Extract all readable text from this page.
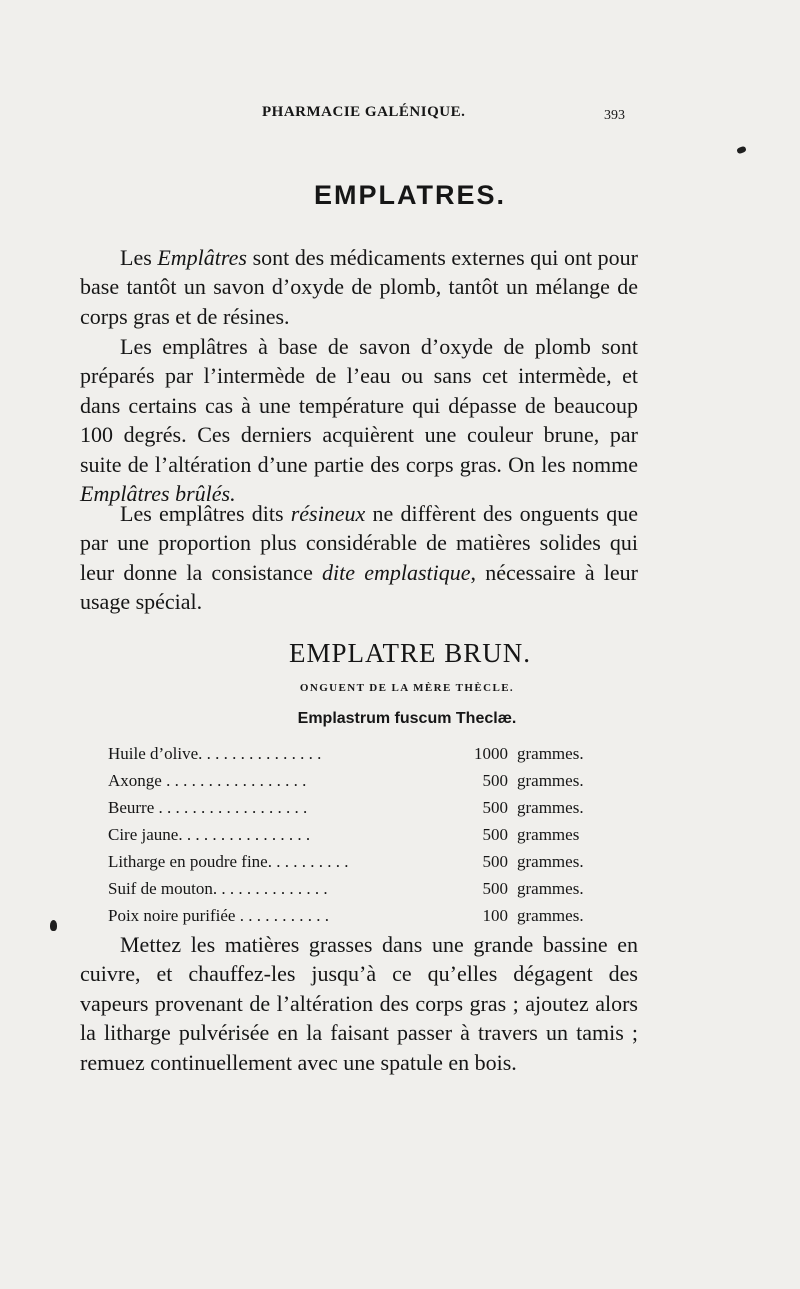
PHARMACIE GALÉNIQUE.	393
EMPLATRES.
Les Emplâtres sont des médicaments externes qui ont pour base tantôt un savon d’oxyde de plomb, tantôt un mélange de corps gras et de résines.
Les emplâtres à base de savon d’oxyde de plomb sont préparés par l’intermède de l’eau ou sans cet intermède, et dans certains cas à une température qui dépasse de beaucoup 100 degrés. Ces derniers acquièrent une couleur brune, par suite de l’altération d’une partie des corps gras. On les nomme Emplâtres brûlés.
Les emplâtres dits résineux ne diffèrent des onguents que par une proportion plus considérable de matières solides qui leur donne la consistance dite emplastique, nécessaire à leur usage spécial.
EMPLATRE BRUN.
ONGUENT DE LA MÈRE THÈCLE.
Emplastrum fuscum Theclæ.
Huile d’olive. . . . . . . . . . . . . . .	1000 grammes.
Axonge . . . . . . . . . . . . . . . . .	500 grammes.
Beurre . . . . . . . . . . . . . . . . . .	500 grammes.
Cire jaune. . . . . . . . . . . . . . . .	500 grammes
Litharge en poudre fine. . . . . . . . . .	500 grammes.
Suif de mouton. . . . . . . . . . . . . .	500 grammes.
Poix noire purifiée . . . . . . . . . . .	100 grammes.
Mettez les matières grasses dans une grande bassine en cuivre, et chauffez-les jusqu’à ce qu’elles dégagent des vapeurs provenant de l’altération des corps gras ; ajoutez alors la litharge pulvérisée en la faisant passer à travers un tamis ; remuez continuellement avec une spatule en bois.
